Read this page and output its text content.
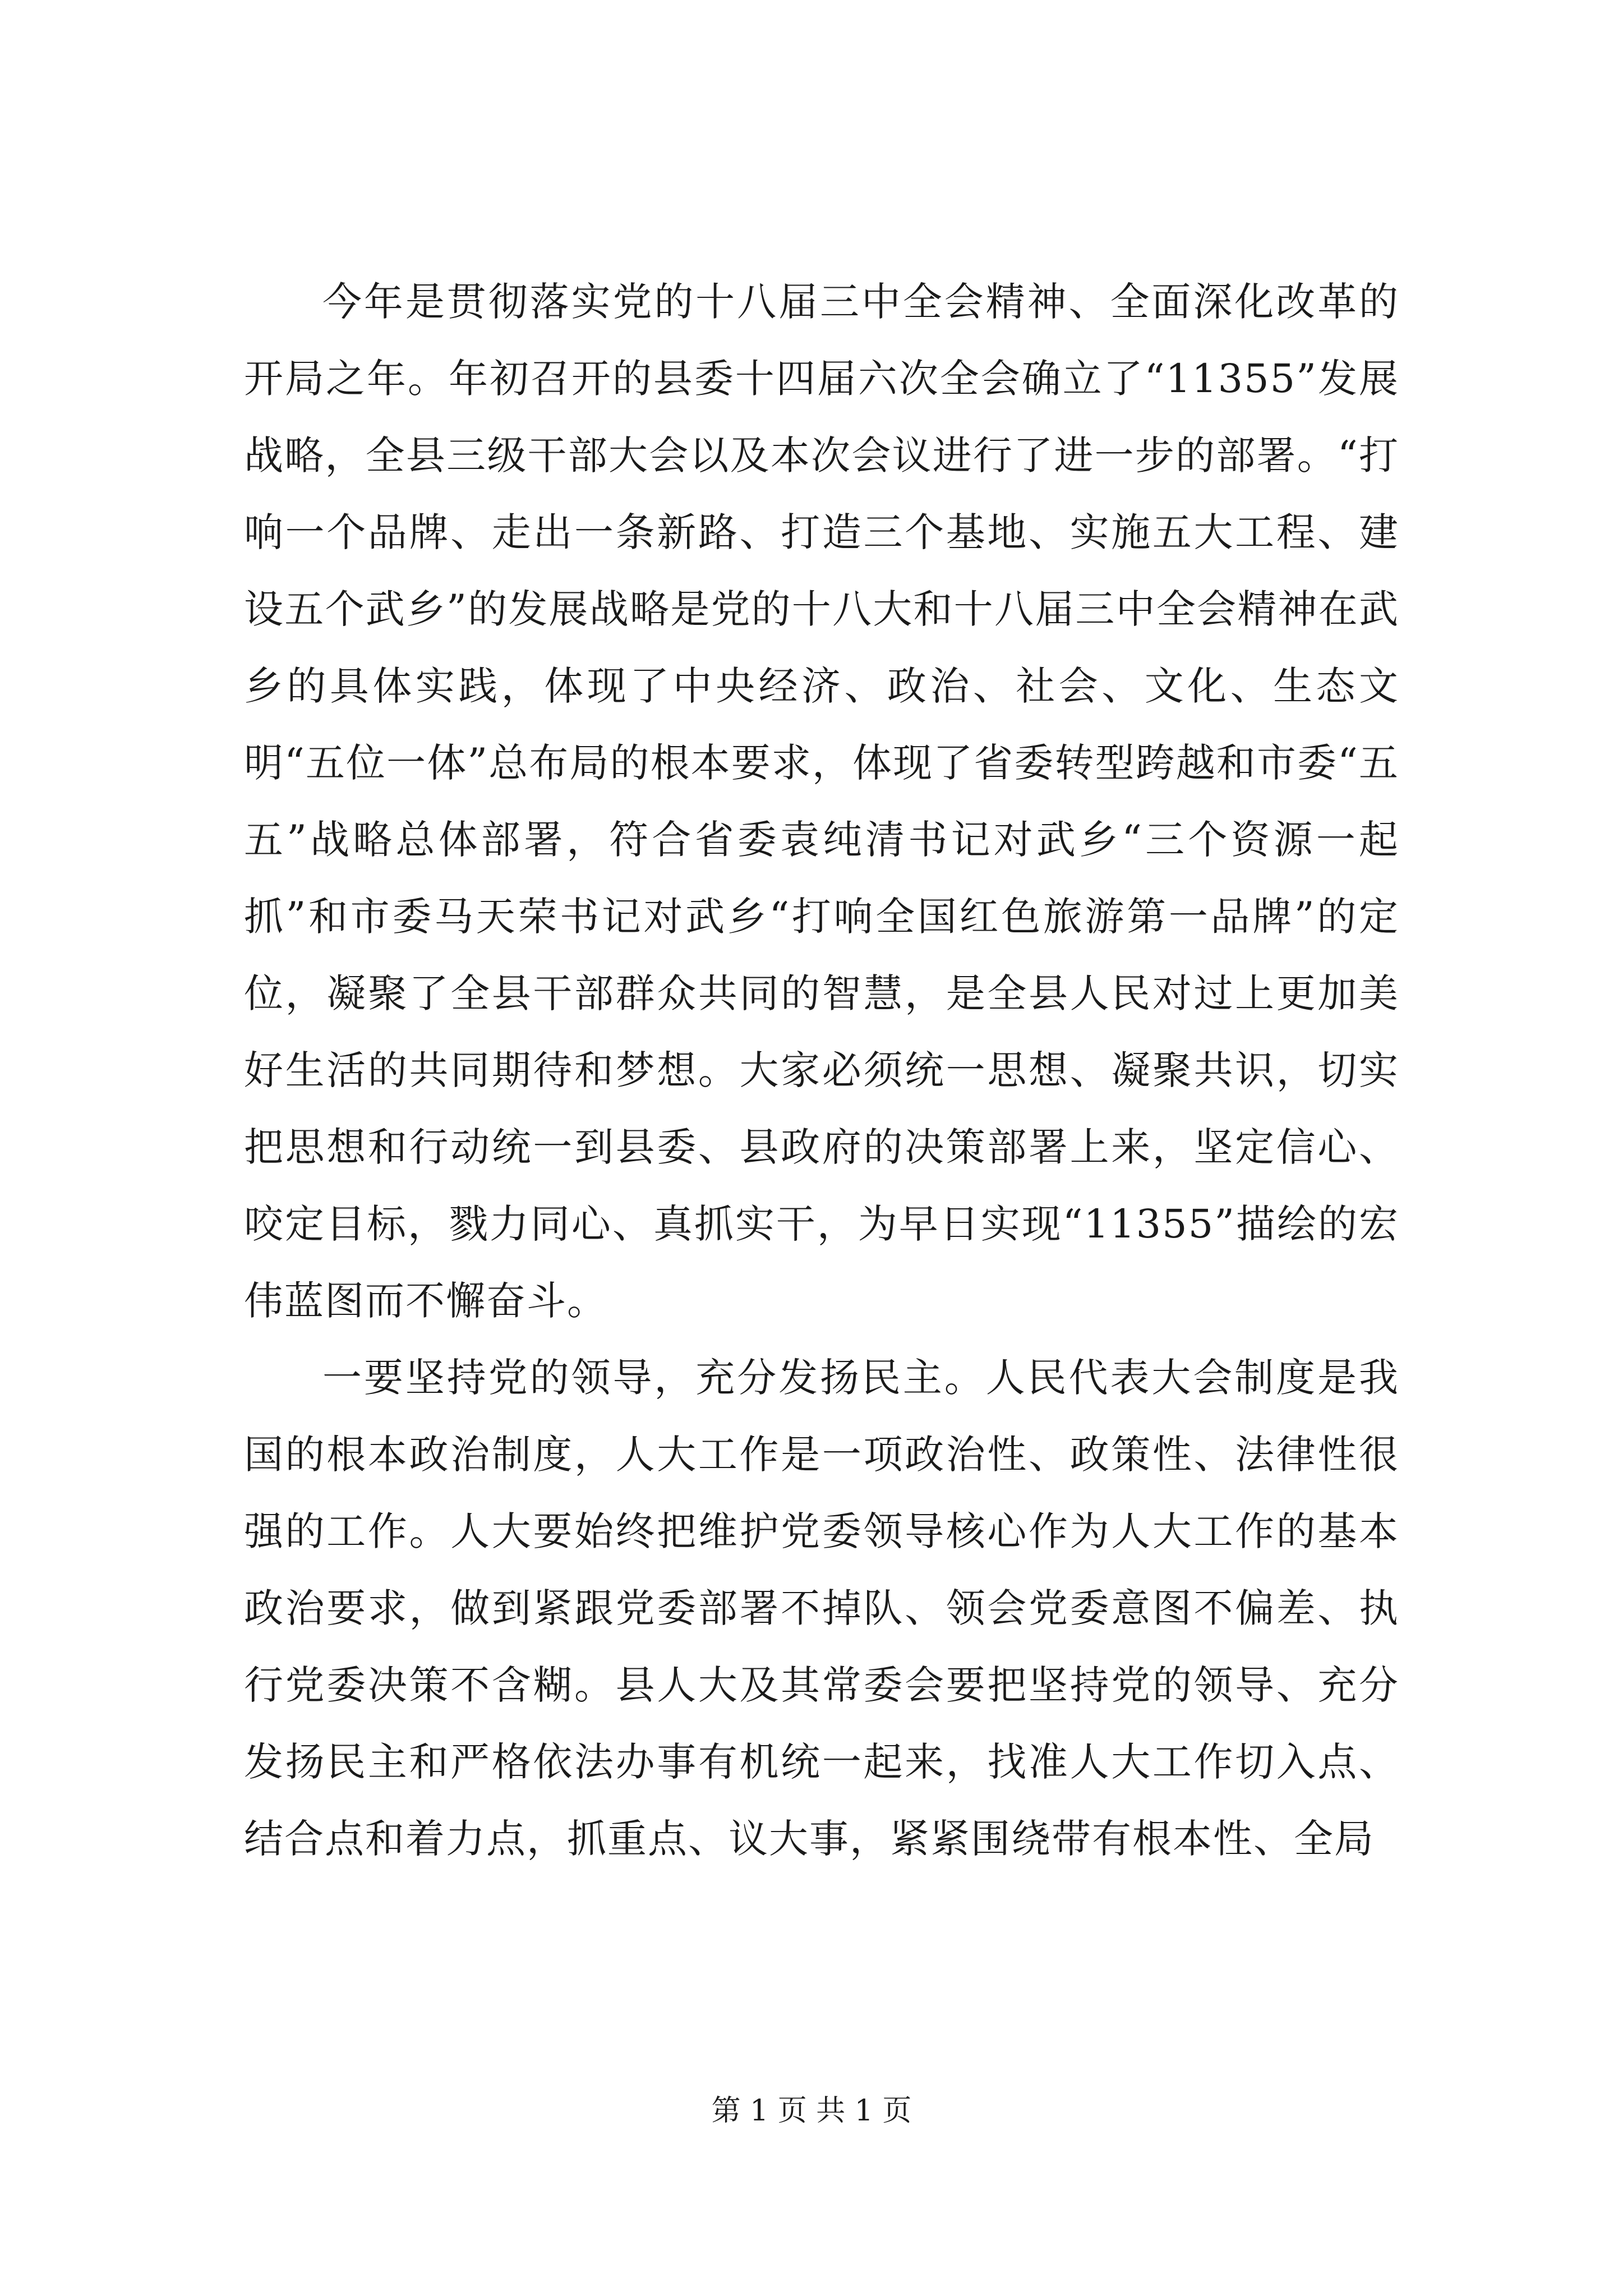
今年是贯彻落实党的十八届三中全会精神、全面深化改革的开局之年。年初召开的县委十四届六次全会确立了“11355”发展战略，全县三级干部大会以及本次会议进行了进一步的部署。“打响一个品牌、走出一条新路、打造三个基地、实施五大工程、建设五个武乡”的发展战略是党的十八大和十八届三中全会精神在武乡的具体实践，体现了中央经济、政治、社会、文化、生态文明“五位一体”总布局的根本要求，体现了省委转型跨越和市委“五五”战略总体部署，符合省委袁纯清书记对武乡“三个资源一起抓”和市委马天荣书记对武乡“打响全国红色旅游第一品牌”的定位，凝聚了全县干部群众共同的智慧，是全县人民对过上更加美好生活的共同期待和梦想。大家必须统一思想、凝聚共识，切实把思想和行动统一到县委、县政府的决策部署上来，坚定信心、咬定目标，戮力同心、真抓实干，为早日实现“11355”描绘的宏伟蓝图而不懈奋斗。

一要坚持党的领导，充分发扬民主。人民代表大会制度是我国的根本政治制度，人大工作是一项政治性、政策性、法律性很强的工作。人大要始终把维护党委领导核心作为人大工作的基本政治要求，做到紧跟党委部署不掉队、领会党委意图不偏差、执行党委决策不含糊。县人大及其常委会要把坚持党的领导、充分发扬民主和严格依法办事有机统一起来，找准人大工作切入点、结合点和着力点，抓重点、议大事，紧紧围绕带有根本性、全局

第 1 页 共 1 页
